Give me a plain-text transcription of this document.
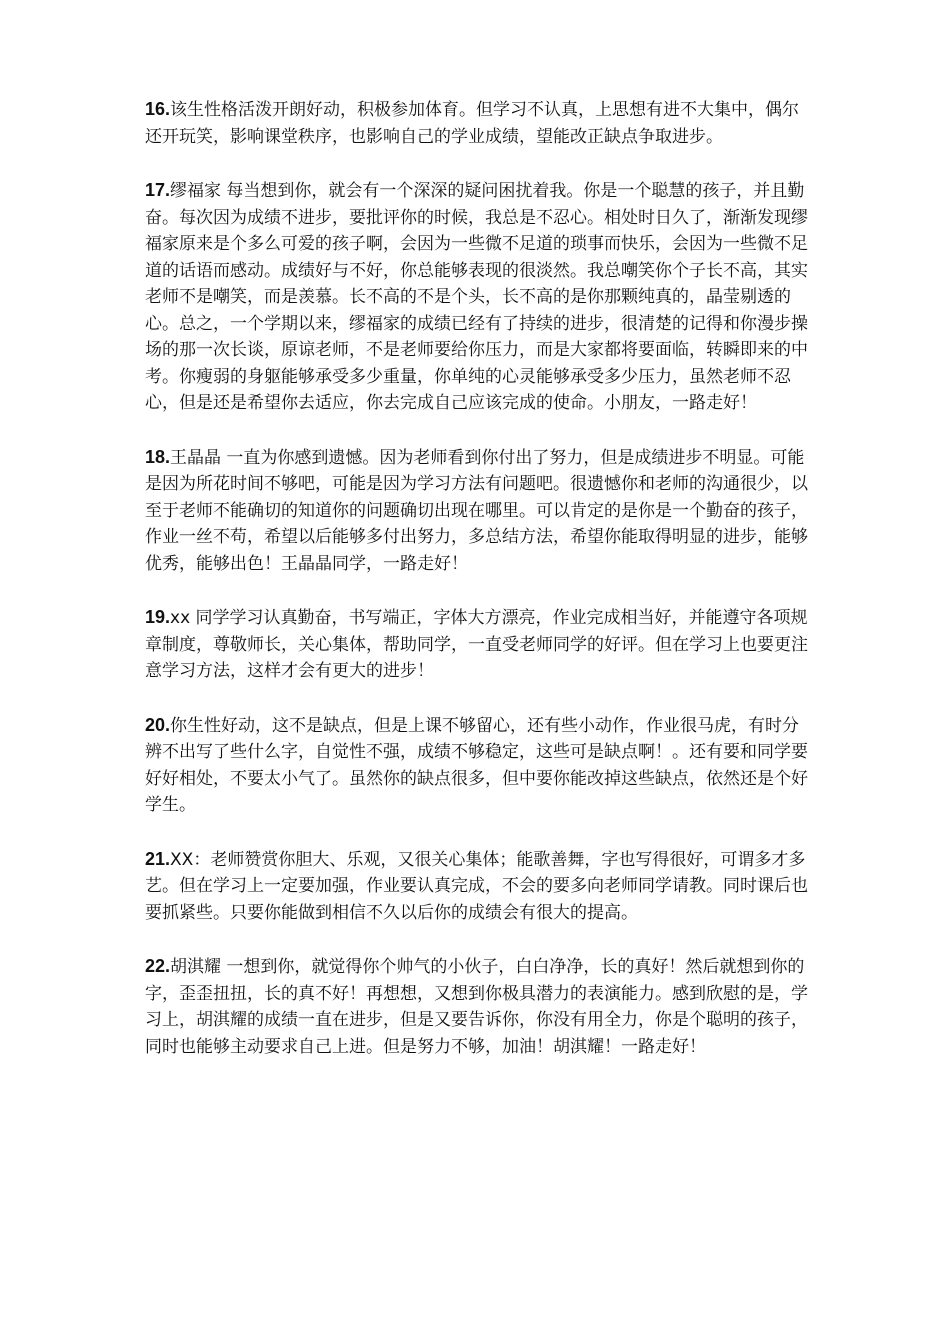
16.该生性格活泼开朗好动，积极参加体育。但学习不认真，上思想有进不大集中，偶尔还开玩笑，影响课堂秩序，也影响自己的学业成绩，望能改正缺点争取进步。

17.缪福家 每当想到你，就会有一个深深的疑问困扰着我。你是一个聪慧的孩子，并且勤奋。每次因为成绩不进步，要批评你的时候，我总是不忍心。相处时日久了，渐渐发现缪福家原来是个多么可爱的孩子啊，会因为一些微不足道的琐事而快乐，会因为一些微不足道的话语而感动。成绩好与不好，你总能够表现的很淡然。我总嘲笑你个子长不高，其实老师不是嘲笑，而是羡慕。长不高的不是个头，长不高的是你那颗纯真的，晶莹剔透的心。总之，一个学期以来，缪福家的成绩已经有了持续的进步，很清楚的记得和你漫步操场的那一次长谈，原谅老师，不是老师要给你压力，而是大家都将要面临，转瞬即来的中考。你瘦弱的身躯能够承受多少重量，你单纯的心灵能够承受多少压力，虽然老师不忍心，但是还是希望你去适应，你去完成自己应该完成的使命。小朋友，一路走好！

18.王晶晶 一直为你感到遗憾。因为老师看到你付出了努力，但是成绩进步不明显。可能是因为所花时间不够吧，可能是因为学习方法有问题吧。很遗憾你和老师的沟通很少，以至于老师不能确切的知道你的问题确切出现在哪里。可以肯定的是你是一个勤奋的孩子，作业一丝不苟，希望以后能够多付出努力，多总结方法，希望你能取得明显的进步，能够优秀，能够出色！王晶晶同学，一路走好！

19.xx 同学学习认真勤奋，书写端正，字体大方漂亮，作业完成相当好，并能遵守各项规章制度，尊敬师长，关心集体，帮助同学，一直受老师同学的好评。但在学习上也要更注意学习方法，这样才会有更大的进步！

20.你生性好动，这不是缺点，但是上课不够留心，还有些小动作，作业很马虎，有时分辨不出写了些什么字，自觉性不强，成绩不够稳定，这些可是缺点啊！。还有要和同学要好好相处，不要太小气了。虽然你的缺点很多，但中要你能改掉这些缺点，依然还是个好学生。

21.XX：老师赞赏你胆大、乐观，又很关心集体；能歌善舞，字也写得很好，可谓多才多艺。但在学习上一定要加强，作业要认真完成，不会的要多向老师同学请教。同时课后也要抓紧些。只要你能做到相信不久以后你的成绩会有很大的提高。

22.胡淇耀 一想到你，就觉得你个帅气的小伙子，白白净净，长的真好！然后就想到你的字，歪歪扭扭，长的真不好！再想想，又想到你极具潜力的表演能力。感到欣慰的是，学习上，胡淇耀的成绩一直在进步，但是又要告诉你，你没有用全力，你是个聪明的孩子，同时也能够主动要求自己上进。但是努力不够，加油！胡淇耀！一路走好！
